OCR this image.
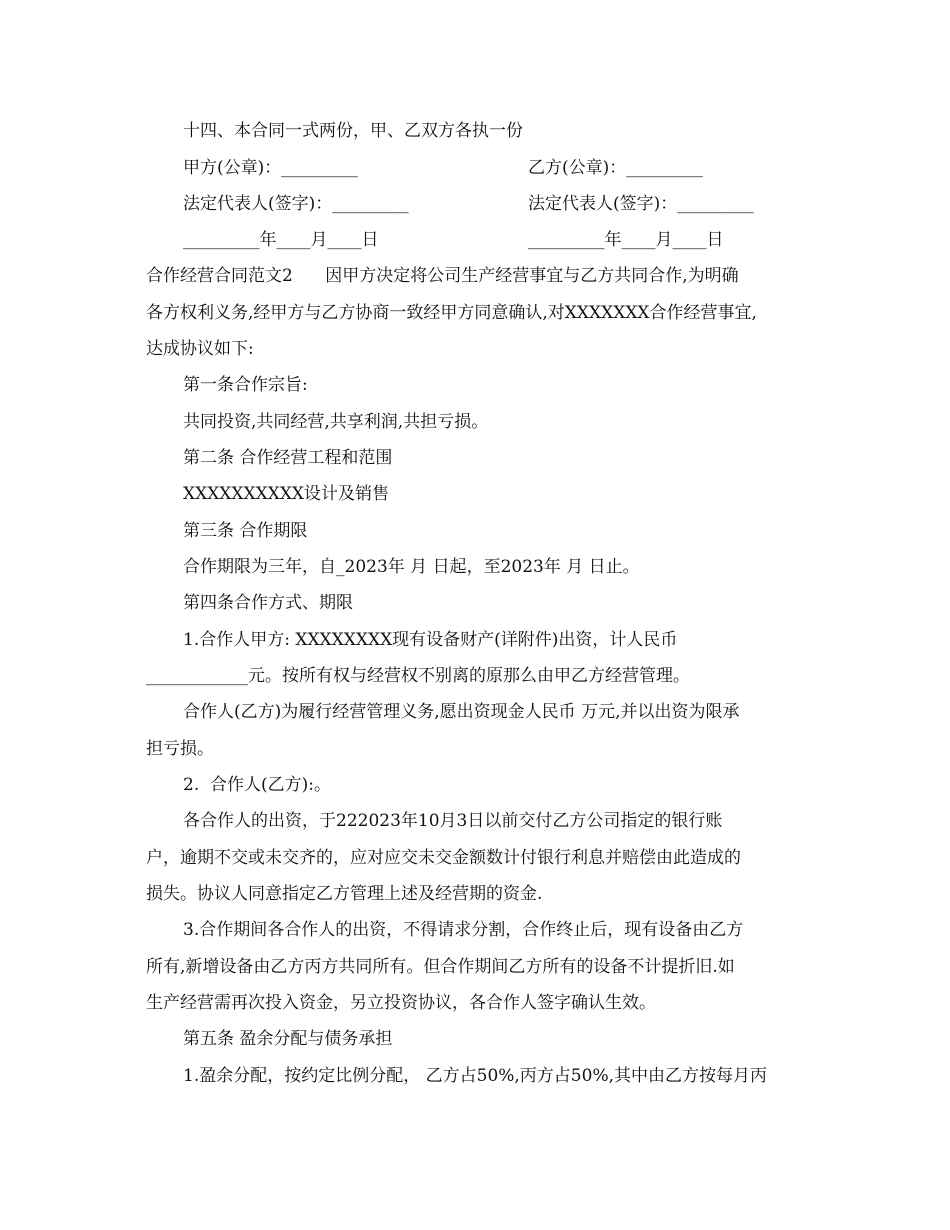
十四、本合同一式两份，甲、乙双方各执一份
甲方(公章)：_________	乙方(公章)：_________
法定代表人(签字)：_________	法定代表人(签字)：_________
_________年____月____日	_________年____月____日
合作经营合同范文2      因甲方决定将公司生产经营事宜与乙方共同合作,为明确
各方权利义务,经甲方与乙方协商一致经甲方同意确认,对XXXXXXX合作经营事宜,
达成协议如下:
第一条合作宗旨:
共同投资,共同经营,共享利润,共担亏损。
第二条 合作经营工程和范围
XXXXXXXXXX设计及销售
第三条 合作期限
合作期限为三年，自_2023年 月 日起，至2023年 月 日止。
第四条合作方式、期限
1.合作人甲方: XXXXXXXX现有设备财产(详附件)出资，计人民币
____________元。按所有权与经营权不别离的原那么由甲乙方经营管理。
合作人(乙方)为履行经营管理义务,愿出资现金人民币 万元,并以出资为限承
担亏损。
2.  合作人(乙方):。
各合作人的出资，于222023年10月3日以前交付乙方公司指定的银行账
户，逾期不交或未交齐的，应对应交未交金额数计付银行利息并赔偿由此造成的
损失。协议人同意指定乙方管理上述及经营期的资金.
3.合作期间各合作人的出资，不得请求分割，合作终止后，现有设备由乙方
所有,新增设备由乙方丙方共同所有。但合作期间乙方所有的设备不计提折旧.如
生产经营需再次投入资金，另立投资协议，各合作人签字确认生效。
第五条 盈余分配与债务承担
1.盈余分配，按约定比例分配， 乙方占50%,丙方占50%,其中由乙方按每月丙
